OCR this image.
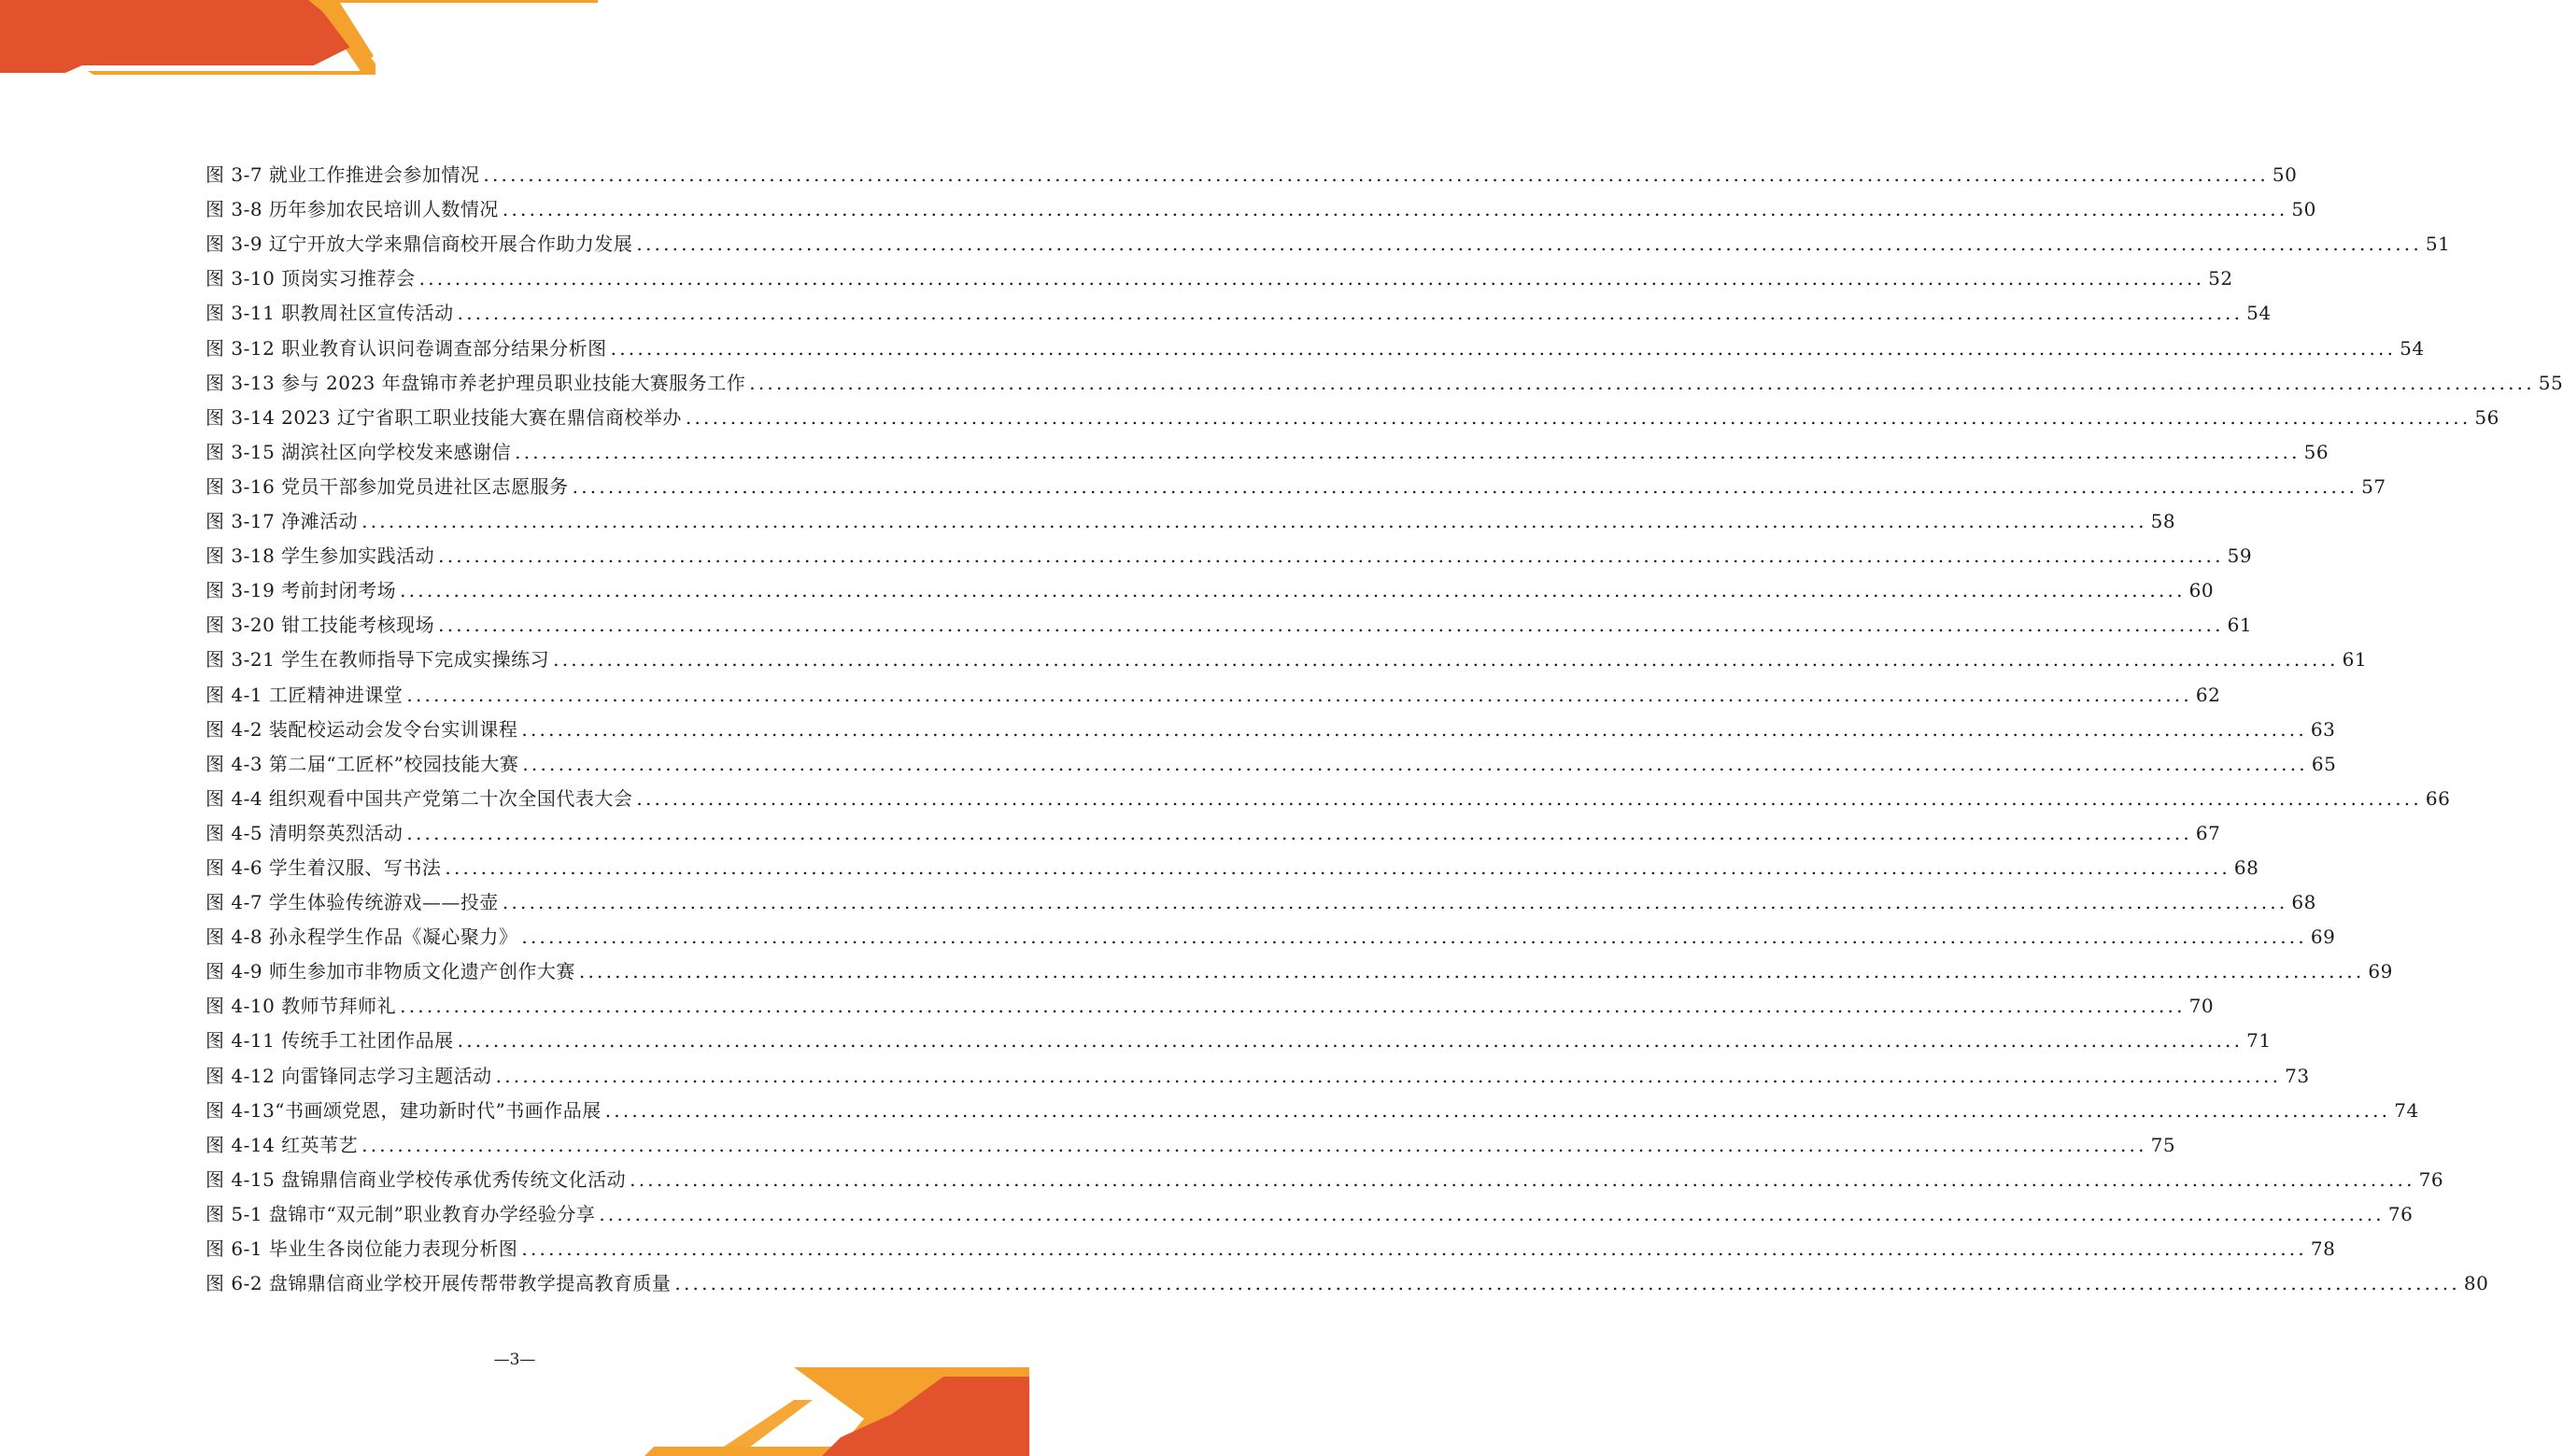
图 3-7 就业工作推进会参加情况 ........................................................................................................................................................................................................ 50
图 3-8 历年参加农民培训人数情况 ........................................................................................................................................................................................................ 50
图 3-9 辽宁开放大学来鼎信商校开展合作助力发展 ........................................................................................................................................................................................................ 51
图 3-10 顶岗实习推荐会 ........................................................................................................................................................................................................ 52
图 3-11 职教周社区宣传活动 ........................................................................................................................................................................................................ 54
图 3-12 职业教育认识问卷调查部分结果分析图 ........................................................................................................................................................................................................ 54
图 3-13 参与 2023 年盘锦市养老护理员职业技能大赛服务工作 ........................................................................................................................................................................................................ 55
图 3-14 2023 辽宁省职工职业技能大赛在鼎信商校举办 ........................................................................................................................................................................................................ 56
图 3-15 湖滨社区向学校发来感谢信 ........................................................................................................................................................................................................ 56
图 3-16 党员干部参加党员进社区志愿服务 ........................................................................................................................................................................................................ 57
图 3-17 净滩活动 ........................................................................................................................................................................................................ 58
图 3-18 学生参加实践活动 ........................................................................................................................................................................................................ 59
图 3-19 考前封闭考场 ........................................................................................................................................................................................................ 60
图 3-20 钳工技能考核现场 ........................................................................................................................................................................................................ 61
图 3-21 学生在教师指导下完成实操练习 ........................................................................................................................................................................................................ 61
图 4-1 工匠精神进课堂 ........................................................................................................................................................................................................ 62
图 4-2 装配校运动会发令台实训课程 ........................................................................................................................................................................................................ 63
图 4-3 第二届“工匠杯”校园技能大赛 ........................................................................................................................................................................................................ 65
图 4-4 组织观看中国共产党第二十次全国代表大会 ........................................................................................................................................................................................................ 66
图 4-5 清明祭英烈活动 ........................................................................................................................................................................................................ 67
图 4-6 学生着汉服、写书法 ........................................................................................................................................................................................................ 68
图 4-7 学生体验传统游戏——投壶 ........................................................................................................................................................................................................ 68
图 4-8 孙永程学生作品《凝心聚力》 ........................................................................................................................................................................................................ 69
图 4-9 师生参加市非物质文化遗产创作大赛 ........................................................................................................................................................................................................ 69
图 4-10 教师节拜师礼 ........................................................................................................................................................................................................ 70
图 4-11 传统手工社团作品展 ........................................................................................................................................................................................................ 71
图 4-12 向雷锋同志学习主题活动 ........................................................................................................................................................................................................ 73
图 4-13“书画颂党恩，建功新时代”书画作品展 ........................................................................................................................................................................................................ 74
图 4-14 红英苇艺 ........................................................................................................................................................................................................ 75
图 4-15 盘锦鼎信商业学校传承优秀传统文化活动 ........................................................................................................................................................................................................ 76
图 5-1 盘锦市“双元制”职业教育办学经验分享 ........................................................................................................................................................................................................ 76
图 6-1 毕业生各岗位能力表现分析图 ........................................................................................................................................................................................................ 78
图 6-2 盘锦鼎信商业学校开展传帮带教学提高教育质量 ........................................................................................................................................................................................................ 80
—3—
